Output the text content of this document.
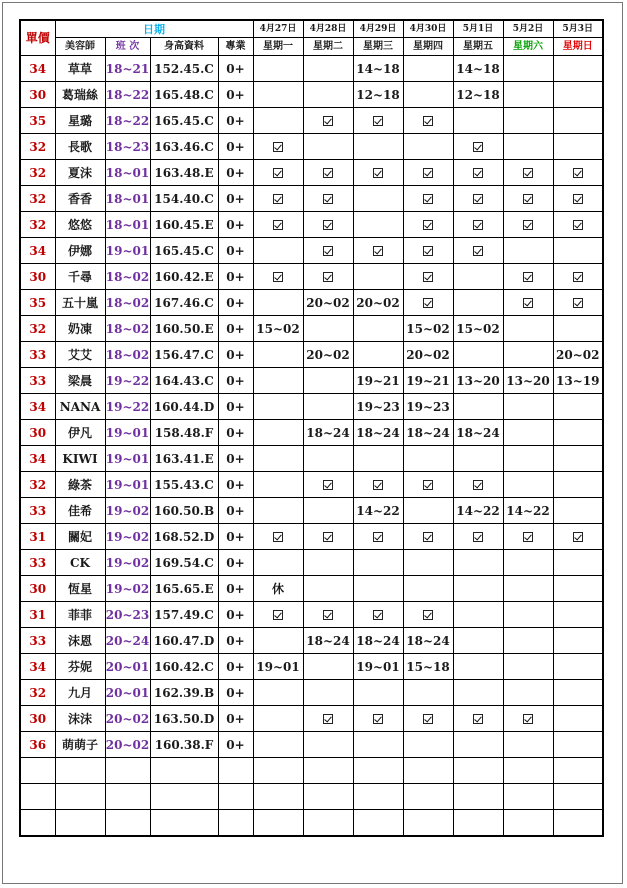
單價	日期				4月27日	4月28日	4月29日	4月30日	5月1日	5月2日	5月3日
	美容師	班 次	身高資料	專業	星期一	星期二	星期三	星期四	星期五	星期六	星期日
34	草草	18~21	152.45.C	0+			14~18		14~18		
30	葛瑞絲	18~22	165.48.C	0+			12~18		12~18		
35	星璐	18~22	165.45.C	0+							
32	長歌	18~23	163.46.C	0+							
32	夏沫	18~01	163.48.E	0+							
32	香香	18~01	154.40.C	0+							
32	悠悠	18~01	160.45.E	0+							
34	伊娜	19~01	165.45.C	0+							
30	千尋	18~02	160.42.E	0+							
35	五十嵐	18~02	167.46.C	0+		20~02	20~02				
32	奶凍	18~02	160.50.E	0+	15~02			15~02	15~02		
33	艾艾	18~02	156.47.C	0+		20~02		20~02			20~02
33	梁晨	19~22	164.43.C	0+			19~21	19~21	13~20	13~20	13~19
34	NANA	19~22	160.44.D	0+			19~23	19~23			
30	伊凡	19~01	158.48.F	0+		18~24	18~24	18~24	18~24		
34	KIWI	19~01	163.41.E	0+							
32	綠茶	19~01	155.43.C	0+							
33	佳希	19~02	160.50.B	0+			14~22		14~22	14~22	
31	關妃	19~02	168.52.D	0+							
33	CK	19~02	169.54.C	0+							
30	恆星	19~02	165.65.E	0+	休						
31	菲菲	20~23	157.49.C	0+							
33	沫恩	20~24	160.47.D	0+		18~24	18~24	18~24			
34	芬妮	20~01	160.42.C	0+	19~01		19~01	15~18			
32	九月	20~01	162.39.B	0+							
30	沫沫	20~02	163.50.D	0+							
36	萌萌子	20~02	160.38.F	0+							
